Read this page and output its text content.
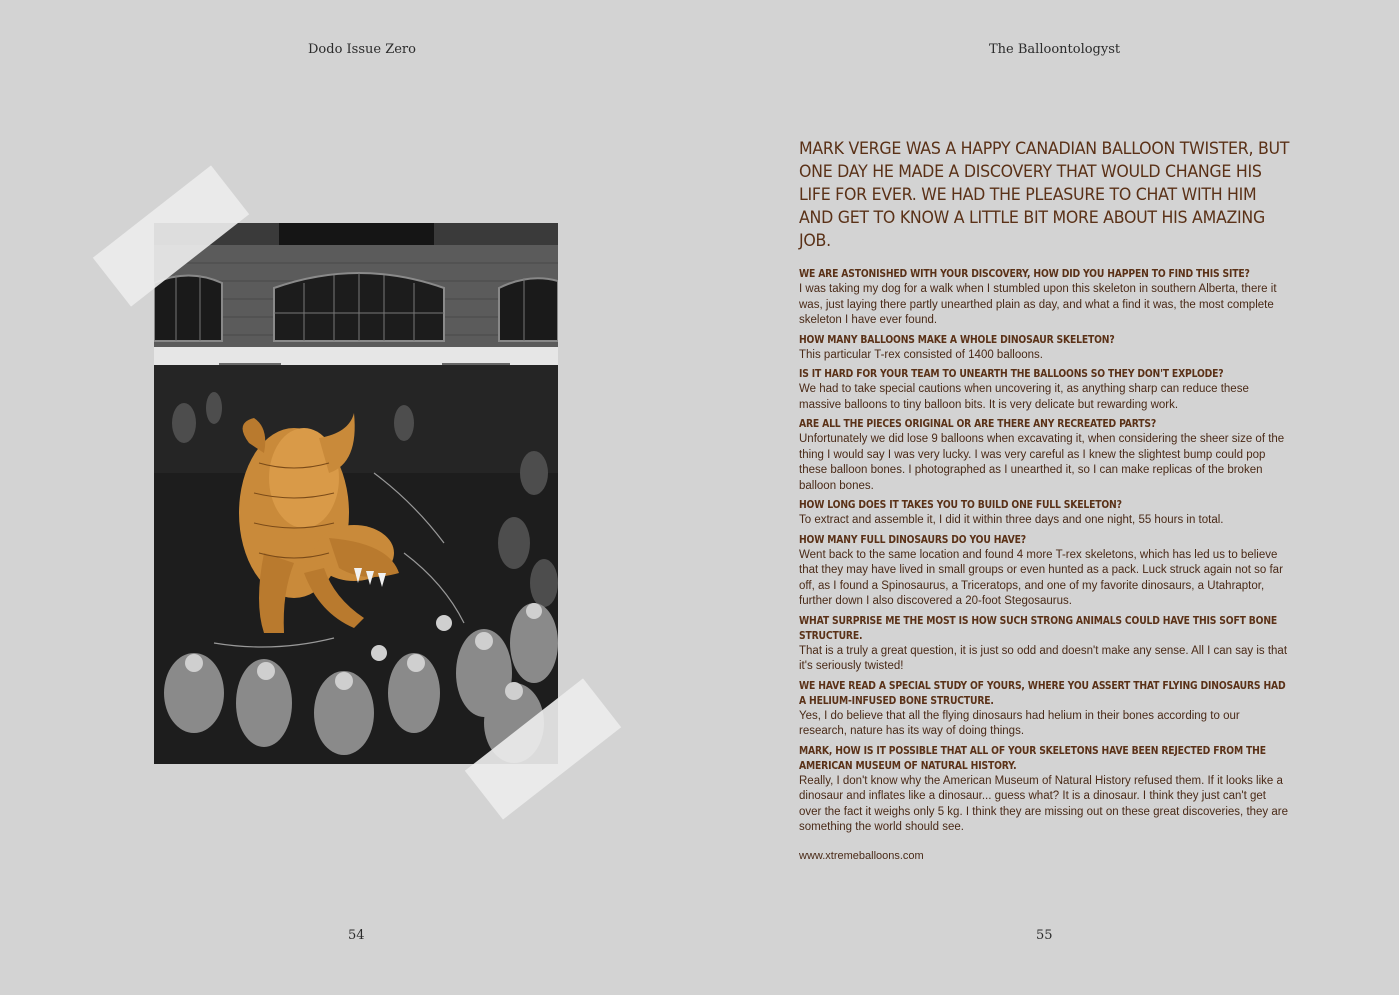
Dodo Issue Zero
54
The Balloontologyst
MARK VERGE WAS A HAPPY CANADIAN BALLOON TWISTER, BUT ONE DAY HE MADE A DISCOVERY THAT WOULD CHANGE HIS LIFE FOR EVER. WE HAD THE PLEASURE TO CHAT WITH HIM AND GET TO KNOW A LITTLE BIT MORE ABOUT HIS AMAZING JOB.
WE ARE ASTONISHED WITH YOUR DISCOVERY, HOW DID YOU HAPPEN TO FIND THIS SITE?
I was taking my dog for a walk when I stumbled upon this skeleton in southern Alberta, there it was, just laying there partly unearthed plain as day, and what a find it was, the most complete skeleton I have ever found.
HOW MANY BALLOONS MAKE A WHOLE DINOSAUR SKELETON?
This particular T-rex consisted of 1400 balloons.
IS IT HARD FOR YOUR TEAM TO UNEARTH THE BALLOONS SO THEY DON'T EXPLODE?
We had to take special cautions when uncovering it, as anything sharp can reduce these massive balloons to tiny balloon bits. It is very delicate but rewarding work.
ARE ALL THE PIECES ORIGINAL OR ARE THERE ANY RECREATED PARTS?
Unfortunately we did lose 9 balloons when excavating it, when considering the sheer size of the thing I would say I was very lucky. I was very careful as I knew the slightest bump could pop these balloon bones. I photographed as I unearthed it, so I can make replicas of the broken balloon bones.
HOW LONG DOES IT TAKES YOU TO BUILD ONE FULL SKELETON?
To extract and assemble it, I did it within three days and one night, 55 hours in total.
HOW MANY FULL DINOSAURS DO YOU HAVE?
Went back to the same location and found 4 more T-rex skeletons, which has led us to believe that they may have lived in small groups or even hunted as a pack. Luck struck again not so far off, as I found a Spinosaurus, a Triceratops, and one of my favorite dinosaurs, a Utahraptor, further down I also discovered a 20-foot Stegosaurus.
WHAT SURPRISE ME THE MOST IS HOW SUCH STRONG ANIMALS COULD HAVE THIS SOFT BONE STRUCTURE.
That is a truly a great question, it is just so odd and doesn't make any sense. All I can say is that it's seriously twisted!
WE HAVE READ A SPECIAL STUDY OF YOURS, WHERE YOU ASSERT THAT FLYING DINOSAURS HAD A HELIUM-INFUSED BONE STRUCTURE.
Yes, I do believe that all the flying dinosaurs had helium in their bones according to our research, nature has its way of doing things.
MARK, HOW IS IT POSSIBLE THAT ALL OF YOUR SKELETONS HAVE BEEN REJECTED FROM THE AMERICAN MUSEUM OF NATURAL HISTORY.
Really, I don't know why the American Museum of Natural History refused them. If it looks like a dinosaur and inflates like a dinosaur... guess what? It is a dinosaur. I think they just can't get over the fact it weighs only 5 kg. I think they are missing out on these great discoveries, they are something the world should see.
www.xtremeballoons.com
55
